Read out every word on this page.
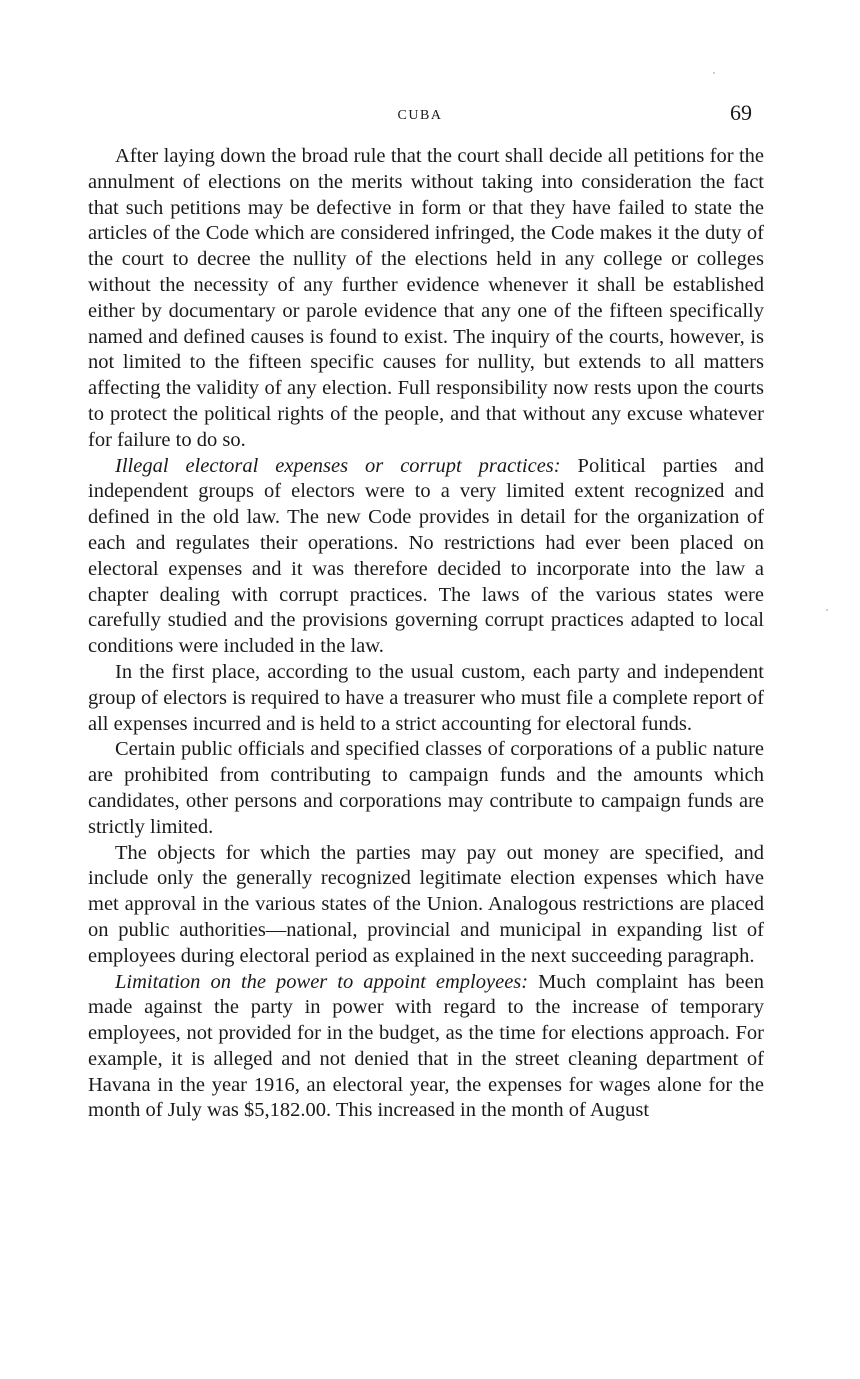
CUBA	69

After laying down the broad rule that the court shall decide all petitions for the annulment of elections on the merits without taking into consideration the fact that such petitions may be defective in form or that they have failed to state the articles of the Code which are considered infringed, the Code makes it the duty of the court to decree the nullity of the elections held in any college or colleges without the necessity of any further evidence whenever it shall be established either by documentary or parole evidence that any one of the fifteen specifically named and defined causes is found to exist. The inquiry of the courts, however, is not limited to the fifteen specific causes for nullity, but extends to all matters affecting the validity of any election. Full responsibility now rests upon the courts to protect the political rights of the people, and that without any excuse whatever for failure to do so.

Illegal electoral expenses or corrupt practices: Political parties and independent groups of electors were to a very limited extent recognized and defined in the old law. The new Code provides in detail for the organization of each and regulates their operations. No restrictions had ever been placed on electoral expenses and it was therefore decided to incorporate into the law a chapter dealing with corrupt practices. The laws of the various states were carefully studied and the provisions governing corrupt practices adapted to local conditions were included in the law.

In the first place, according to the usual custom, each party and independent group of electors is required to have a treasurer who must file a complete report of all expenses incurred and is held to a strict accounting for electoral funds.

Certain public officials and specified classes of corporations of a public nature are prohibited from contributing to campaign funds and the amounts which candidates, other persons and corporations may contribute to campaign funds are strictly limited.

The objects for which the parties may pay out money are specified, and include only the generally recognized legitimate election expenses which have met approval in the various states of the Union. Analogous restrictions are placed on public authorities—national, provincial and municipal in expanding list of employees during electoral period as explained in the next succeeding paragraph.

Limitation on the power to appoint employees: Much complaint has been made against the party in power with regard to the increase of temporary employees, not provided for in the budget, as the time for elections approach. For example, it is alleged and not denied that in the street cleaning department of Havana in the year 1916, an electoral year, the expenses for wages alone for the month of July was $5,182.00. This increased in the month of August
